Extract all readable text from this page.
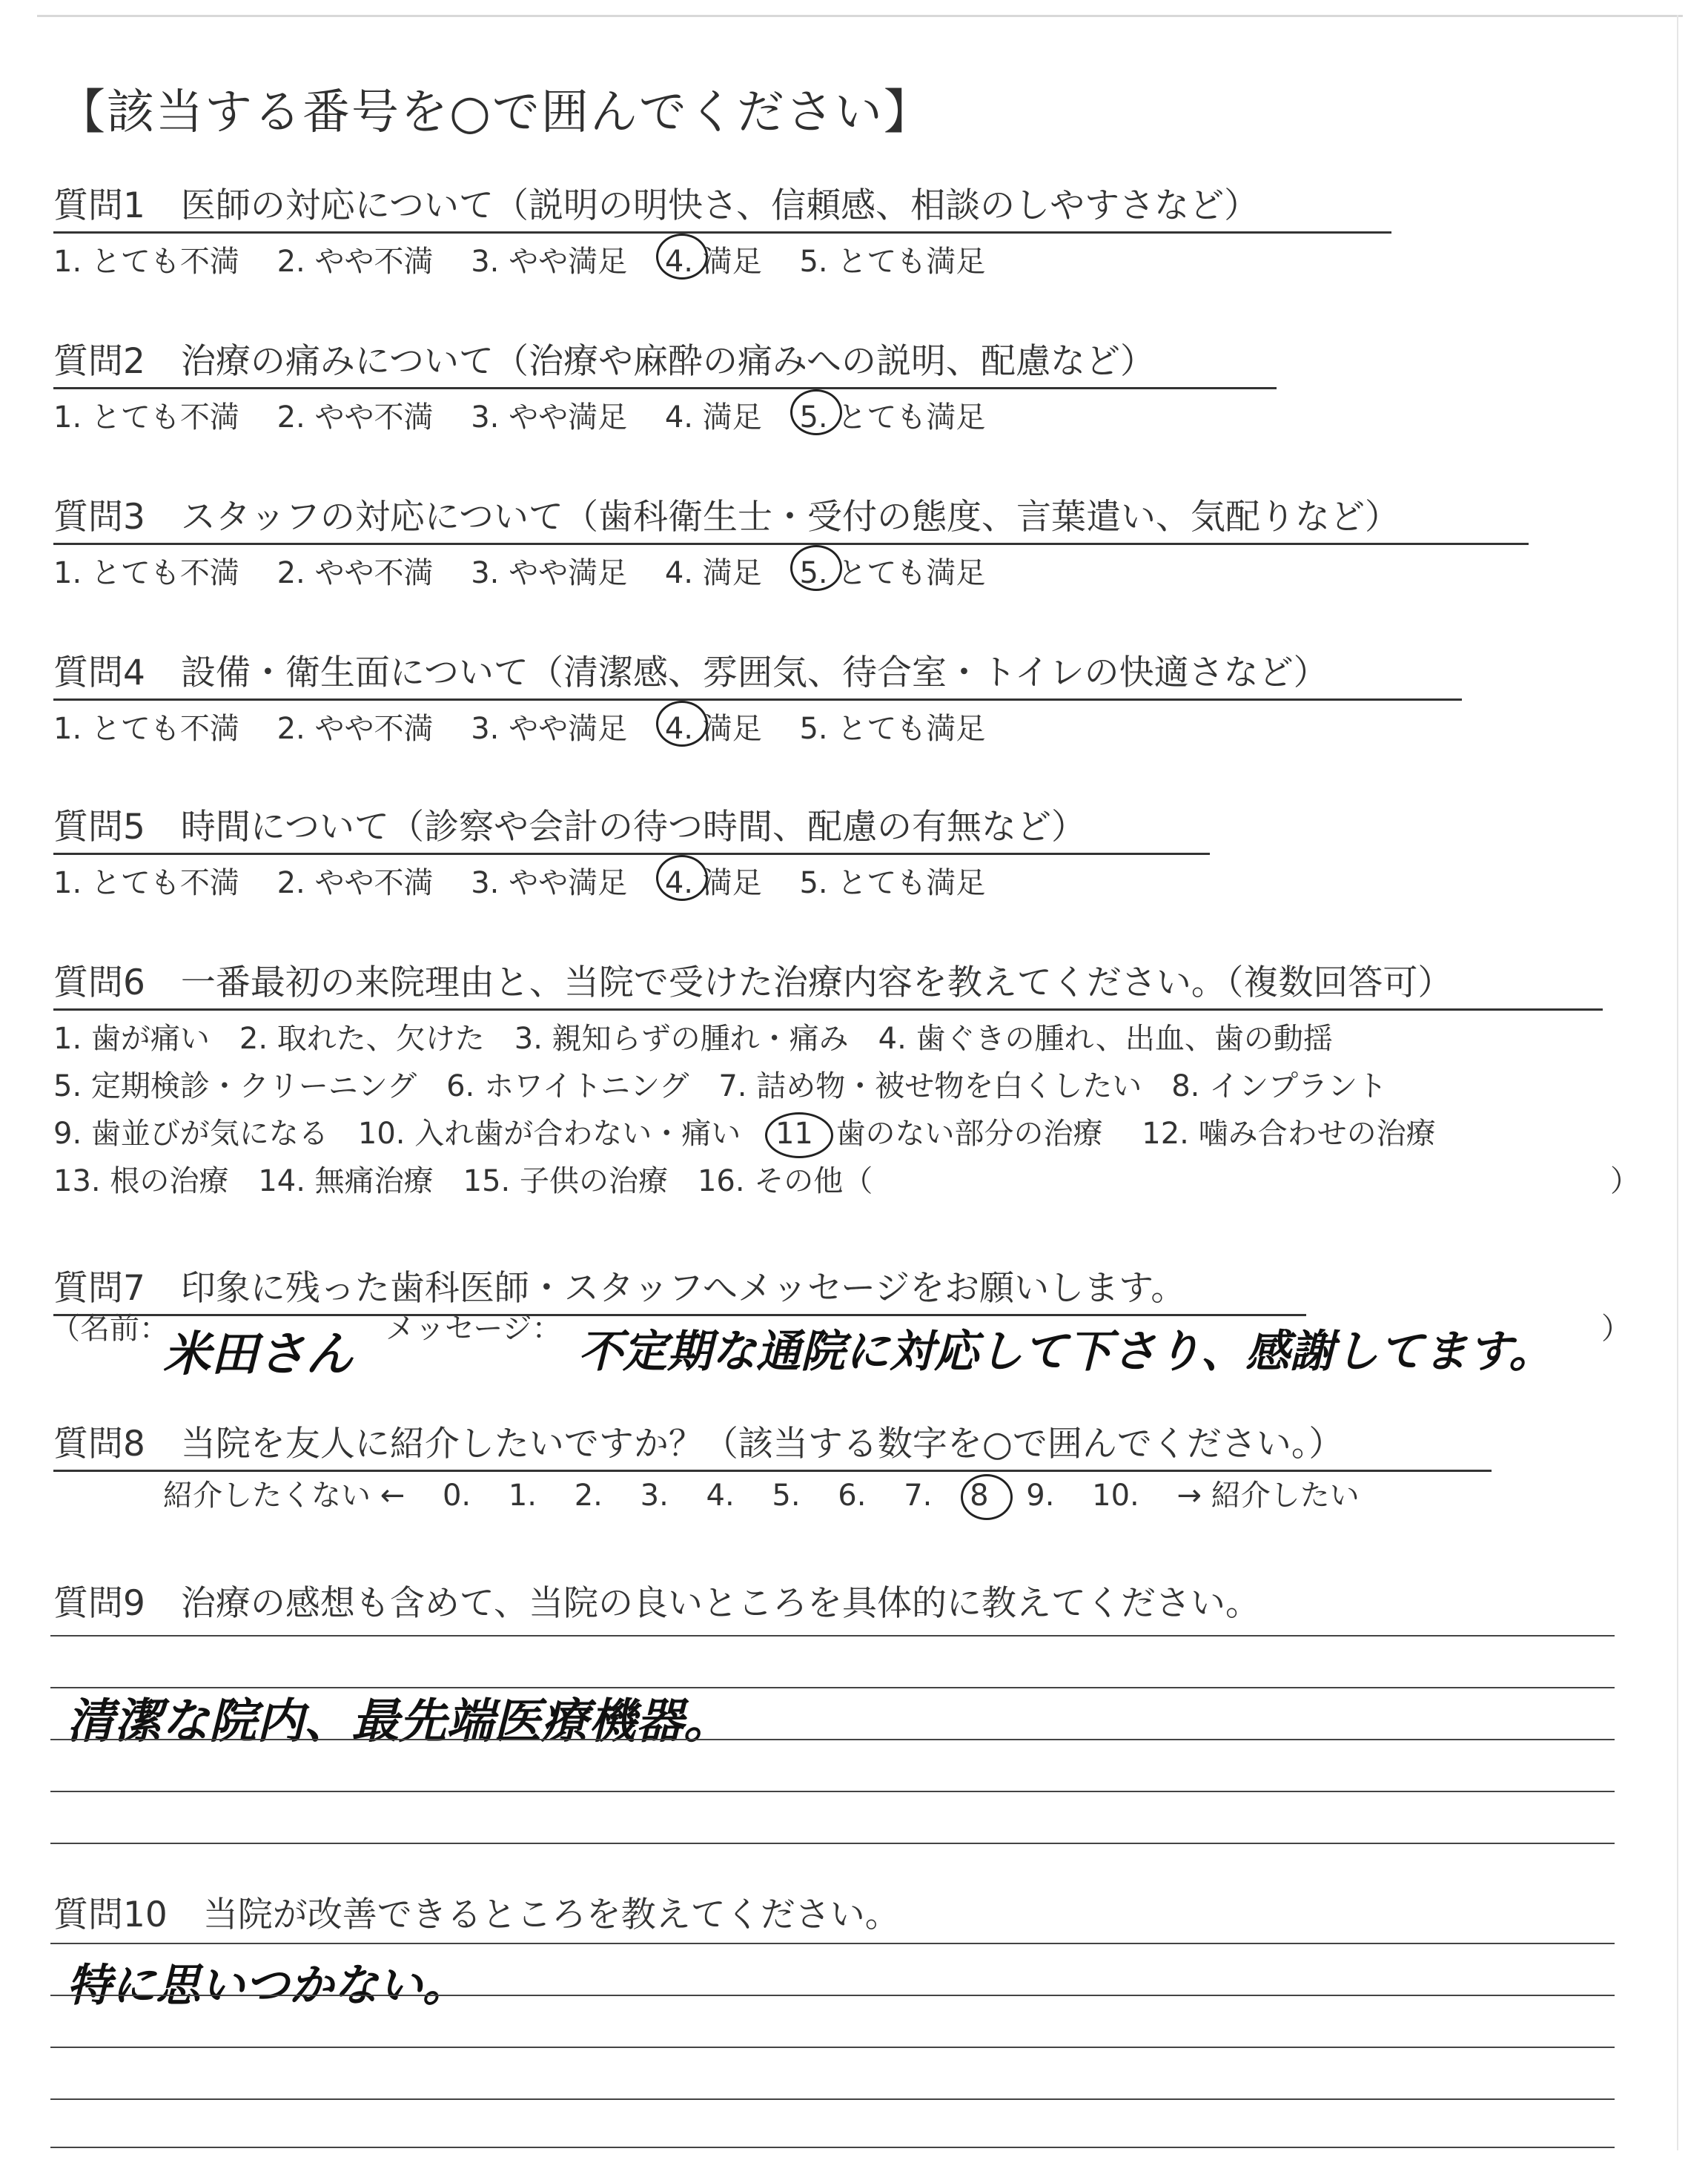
【該当する番号を○で囲んでください】
質問1 医師の対応について（説明の明快さ、信頼感、相談のしやすさなど）
1. とても不満 2. やや不満 3. やや満足 4. 満足 5. とても満足
質問2 治療の痛みについて（治療や麻酔の痛みへの説明、配慮など）
1. とても不満 2. やや不満 3. やや満足 4. 満足 5. とても満足
質問3 スタッフの対応について（歯科衛生士・受付の態度、言葉遣い、気配りなど）
1. とても不満 2. やや不満 3. やや満足 4. 満足 5. とても満足
質問4 設備・衛生面について（清潔感、雰囲気、待合室・トイレの快適さなど）
1. とても不満 2. やや不満 3. やや満足 4. 満足 5. とても満足
質問5 時間について（診察や会計の待つ時間、配慮の有無など）
1. とても不満 2. やや不満 3. やや満足 4. 満足 5. とても満足
質問6 一番最初の来院理由と、当院で受けた治療内容を教えてください。（複数回答可）
1. 歯が痛い　2. 取れた、欠けた　3. 親知らずの腫れ・痛み　4. 歯ぐきの腫れ、出血、歯の動揺
5. 定期検診・クリーニング　6. ホワイトニング　7. 詰め物・被せ物を白くしたい　8. インプラント
9. 歯並びが気になる　10. 入れ歯が合わない・痛い 11 歯のない部分の治療 12. 噛み合わせの治療
13. 根の治療　14. 無痛治療　15. 子供の治療　16. その他（	）
質問7 印象に残った歯科医師・スタッフへメッセージをお願いします。
（名前：
米田さん メッセージ： 不定期な通院に対応して下さり、感謝してます。 ）
質問8 当院を友人に紹介したいですか？（該当する数字を○で囲んでください。）
紹介したくない ← 0. 1. 2. 3. 4. 5. 6. 7. 8 9. 10. → 紹介したい
質問9 治療の感想も含めて、当院の良いところを具体的に教えてください。
清潔な院内、最先端医療機器。
質問10 当院が改善できるところを教えてください。
特に思いつかない。
